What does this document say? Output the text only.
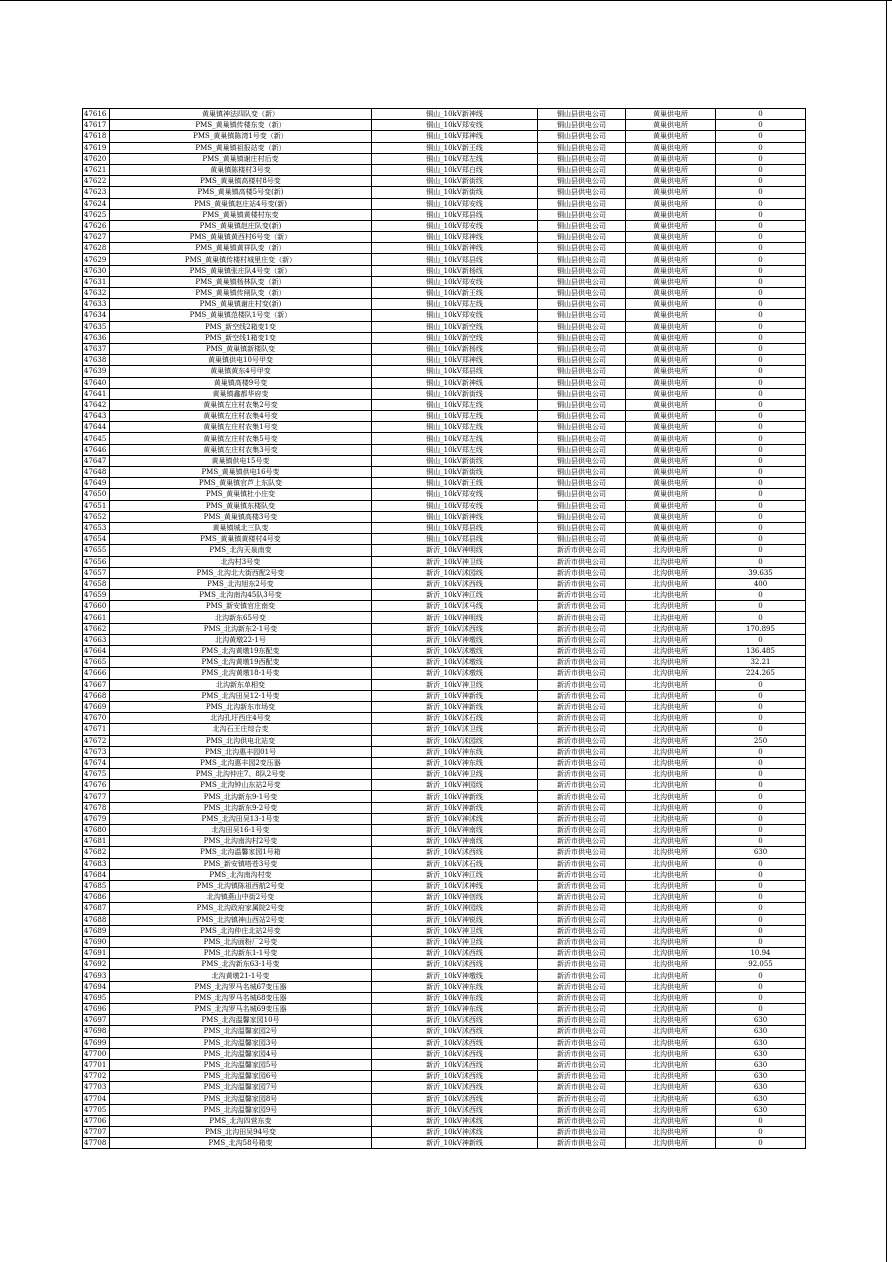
47616	黄巢镇神法四队变（新）	铜山_10kV新神线	铜山县供电公司	黄巢供电所	0
47617	PMS_黄巢镇传楼东变（新）	铜山_10kV郑安线	铜山县供电公司	黄巢供电所	0
47618	PMS_黄巢镇陈湾1号变（新）	铜山_10kV郑神线	铜山县供电公司	黄巢供电所	0
47619	PMS_黄巢镇祖报站变（新）	铜山_10kV新王线	铜山县供电公司	黄巢供电所	0
47620	PMS_黄巢镇谢庄村后变	铜山_10kV郑左线	铜山县供电公司	黄巢供电所	0
47621	黄巢镇陈楼村3号变	铜山_10kV郑白线	铜山县供电公司	黄巢供电所	0
47622	PMS_黄巢镇高楼村8号变	铜山_10kV新街线	铜山县供电公司	黄巢供电所	0
47623	PMS_黄巢镇高楼5号变(新)	铜山_10kV新街线	铜山县供电公司	黄巢供电所	0
47624	PMS_黄巢镇赵庄站4号变(新)	铜山_10kV郑安线	铜山县供电公司	黄巢供电所	0
47625	PMS_黄巢镇黄楼村东变	铜山_10kV郑县线	铜山县供电公司	黄巢供电所	0
47626	PMS_黄巢镇赵庄队变(新)	铜山_10kV郑安线	铜山县供电公司	黄巢供电所	0
47627	PMS_黄巢镇黄西村6号变（新）	铜山_10kV郑神线	铜山县供电公司	黄巢供电所	0
47628	PMS_黄巢镇黄祥队变（新）	铜山_10kV新神线	铜山县供电公司	黄巢供电所	0
47629	PMS_黄巢镇传楼村城里庄变（新）	铜山_10kV郑县线	铜山县供电公司	黄巢供电所	0
47630	PMS_黄巢镇张庄队4号变（新）	铜山_10kV新杨线	铜山县供电公司	黄巢供电所	0
47631	PMS_黄巢镇杨林队变（新）	铜山_10kV郑安线	铜山县供电公司	黄巢供电所	0
47632	PMS_黄巢镇传闸队变（新）	铜山_10kV新王线	铜山县供电公司	黄巢供电所	0
47633	PMS_黄巢镇谢庄村变(新)	铜山_10kV郑左线	铜山县供电公司	黄巢供电所	0
47634	PMS_黄巢镇范楼队1号变（新）	铜山_10kV郑安线	铜山县供电公司	黄巢供电所	0
47635	PMS_新空线2箱变1变	铜山_10kV新空线	铜山县供电公司	黄巢供电所	0
47636	PMS_新空线1箱变1变	铜山_10kV新空线	铜山县供电公司	黄巢供电所	0
47637	PMS_黄巢镇新楼队变	铜山_10kV新杨线	铜山县供电公司	黄巢供电所	0
47638	黄巢镇供电10号甲变	铜山_10kV郑神线	铜山县供电公司	黄巢供电所	0
47639	黄巢镇黄东4号甲变	铜山_10kV郑县线	铜山县供电公司	黄巢供电所	0
47640	黄巢镇高楼9号变	铜山_10kV新神线	铜山县供电公司	黄巢供电所	0
47641	黄巢镇鑫都华府变	铜山_10kV新街线	铜山县供电公司	黄巢供电所	0
47642	黄巢镇左庄村农集2号变	铜山_10kV郑左线	铜山县供电公司	黄巢供电所	0
47643	黄巢镇左庄村农集4号变	铜山_10kV郑左线	铜山县供电公司	黄巢供电所	0
47644	黄巢镇左庄村农集1号变	铜山_10kV郑左线	铜山县供电公司	黄巢供电所	0
47645	黄巢镇左庄村农集5号变	铜山_10kV郑左线	铜山县供电公司	黄巢供电所	0
47646	黄巢镇左庄村农集3号变	铜山_10kV郑左线	铜山县供电公司	黄巢供电所	0
47647	黄巢镇供电15号变	铜山_10kV新街线	铜山县供电公司	黄巢供电所	0
47648	PMS_黄巢镇供电16号变	铜山_10kV新街线	铜山县供电公司	黄巢供电所	0
47649	PMS_黄巢镇官芦上东队变	铜山_10kV新王线	铜山县供电公司	黄巢供电所	0
47650	PMS_黄巢镇杜小庄变	铜山_10kV郑安线	铜山县供电公司	黄巢供电所	0
47651	PMS_黄巢镇东楼队变	铜山_10kV郑安线	铜山县供电公司	黄巢供电所	0
47652	PMS_黄巢镇高楼3号变	铜山_10kV新神线	铜山县供电公司	黄巢供电所	0
47653	黄巢镇城北三队变	铜山_10kV郑县线	铜山县供电公司	黄巢供电所	0
47654	PMS_黄巢镇黄楼村4号变	铜山_10kV郑县线	铜山县供电公司	黄巢供电所	0
47655	PMS_北沟天泉南变	新沂_10kV神明线	新沂市供电公司	北沟供电所	0
47656	北沟村3号变	新沂_10kV神卫线	新沂市供电公司	北沟供电所	0
47657	PMS_北沟北大街西配2号变	新沂_10kV沭园线	新沂市供电公司	北沟供电所	39.635
47658	PMS_北沟旭东2号变	新沂_10kV沭西线	新沂市供电公司	北沟供电所	400
47659	PMS_北沟南沟45队3号变	新沂_10kV神江线	新沂市供电公司	北沟供电所	0
47660	PMS_新安镇官庄南变	新沂_10kV沭马线	新沂市供电公司	北沟供电所	0
47661	北沟新东65号变	新沂_10kV神明线	新沂市供电公司	北沟供电所	0
47662	PMS_北沟新东2-1号变	新沂_10kV沭西线	新沂市供电公司	北沟供电所	170.895
47663	北沟黄墩22-1号	新沂_10kV神墩线	新沂市供电公司	北沟供电所	0
47664	PMS_北沟黄墩19东配变	新沂_10kV沭墩线	新沂市供电公司	北沟供电所	136.485
47665	PMS_北沟黄墩19西配变	新沂_10kV沭墩线	新沂市供电公司	北沟供电所	32.21
47666	PMS_北沟黄墩18-1号变	新沂_10kV沭墩线	新沂市供电公司	北沟供电所	224.265
47667	北沟新东单相变	新沂_10kV神卫线	新沂市供电公司	北沟供电所	0
47668	PMS_北沟田吴12-1号变	新沂_10kV神新线	新沂市供电公司	北沟供电所	0
47669	PMS_北沟新东市场变	新沂_10kV神新线	新沂市供电公司	北沟供电所	0
47670	北沟孔圩西庄4号变	新沂_10kV沭石线	新沂市供电公司	北沟供电所	0
47671	北沟石王庄综合变	新沂_10kV沭卫线	新沂市供电公司	北沟供电所	0
47672	PMS_北沟供电北站变	新沂_10kV沭园线	新沂市供电公司	北沟供电所	250
47673	PMS_北沟惠丰园01号	新沂_10kV神东线	新沂市供电公司	北沟供电所	0
47674	PMS_北沟惠丰园2变压器	新沂_10kV神东线	新沂市供电公司	北沟供电所	0
47675	PMS_北沟仲庄7、8队2号变	新沂_10kV神卫线	新沂市供电公司	北沟供电所	0
47676	PMS_北沟钟山东站2号变	新沂_10kV神园线	新沂市供电公司	北沟供电所	0
47677	PMS_北沟新东9-1号变	新沂_10kV神新线	新沂市供电公司	北沟供电所	0
47678	PMS_北沟新东9-2号变	新沂_10kV神新线	新沂市供电公司	北沟供电所	0
47679	PMS_北沟田吴13-1号变	新沂_10kV神沭线	新沂市供电公司	北沟供电所	0
47680	北沟田吴16-1号变	新沂_10kV神南线	新沂市供电公司	北沟供电所	0
47681	PMS_北沟南沟村2号变	新沂_10kV神南线	新沂市供电公司	北沟供电所	0
47682	PMS_北沟温馨家园1号箱	新沂_10kV沭西线	新沂市供电公司	北沟供电所	630
47683	PMS_新安镇嗒苍3号变	新沂_10kV沭石线	新沂市供电公司	北沟供电所	0
47684	PMS_北沟南沟村变	新沂_10kV神江线	新沂市供电公司	北沟供电所	0
47685	PMS_北沟镇陈祖西航2号变	新沂_10kV沭神线	新沂市供电公司	北沟供电所	0
47686	北沟镇燕山中街2号变	新沂_10kV神创线	新沂市供电公司	北沟供电所	0
47687	PMS_北沟政府家属院2号变	新沂_10kV神园线	新沂市供电公司	北沟供电所	0
47688	PMS_北沟镇神山西站2号变	新沂_10kV神锐线	新沂市供电公司	北沟供电所	0
47689	PMS_北沟仲庄北站2号变	新沂_10kV神卫线	新沂市供电公司	北沟供电所	0
47690	PMS_北沟面粉厂2号变	新沂_10kV神卫线	新沂市供电公司	北沟供电所	0
47691	PMS_北沟新东1-1号变	新沂_10kV沭西线	新沂市供电公司	北沟供电所	10.94
47692	PMS_北沟新东63-1号变	新沂_10kV沭西线	新沂市供电公司	北沟供电所	92.055
47693	北沟黄墩21-1号变	新沂_10kV神墩线	新沂市供电公司	北沟供电所	0
47694	PMS_北沟罗马名城67变压器	新沂_10kV神东线	新沂市供电公司	北沟供电所	0
47695	PMS_北沟罗马名城68变压器	新沂_10kV神东线	新沂市供电公司	北沟供电所	0
47696	PMS_北沟罗马名城69变压器	新沂_10kV神东线	新沂市供电公司	北沟供电所	0
47697	PMS_北沟温馨家园10号	新沂_10kV沭西线	新沂市供电公司	北沟供电所	630
47698	PMS_北沟温馨家园2号	新沂_10kV沭西线	新沂市供电公司	北沟供电所	630
47699	PMS_北沟温馨家园3号	新沂_10kV沭西线	新沂市供电公司	北沟供电所	630
47700	PMS_北沟温馨家园4号	新沂_10kV沭西线	新沂市供电公司	北沟供电所	630
47701	PMS_北沟温馨家园5号	新沂_10kV沭西线	新沂市供电公司	北沟供电所	630
47702	PMS_北沟温馨家园6号	新沂_10kV沭西线	新沂市供电公司	北沟供电所	630
47703	PMS_北沟温馨家园7号	新沂_10kV沭西线	新沂市供电公司	北沟供电所	630
47704	PMS_北沟温馨家园8号	新沂_10kV沭西线	新沂市供电公司	北沟供电所	630
47705	PMS_北沟温馨家园9号	新沂_10kV沭西线	新沂市供电公司	北沟供电所	630
47706	PMS_北沟四营东变	新沂_10kV神沭线	新沂市供电公司	北沟供电所	0
47707	PMS_北沟田吴94号变	新沂_10kV神沭线	新沂市供电公司	北沟供电所	0
47708	PMS_北沟58号箱变	新沂_10kV神新线	新沂市供电公司	北沟供电所	0
